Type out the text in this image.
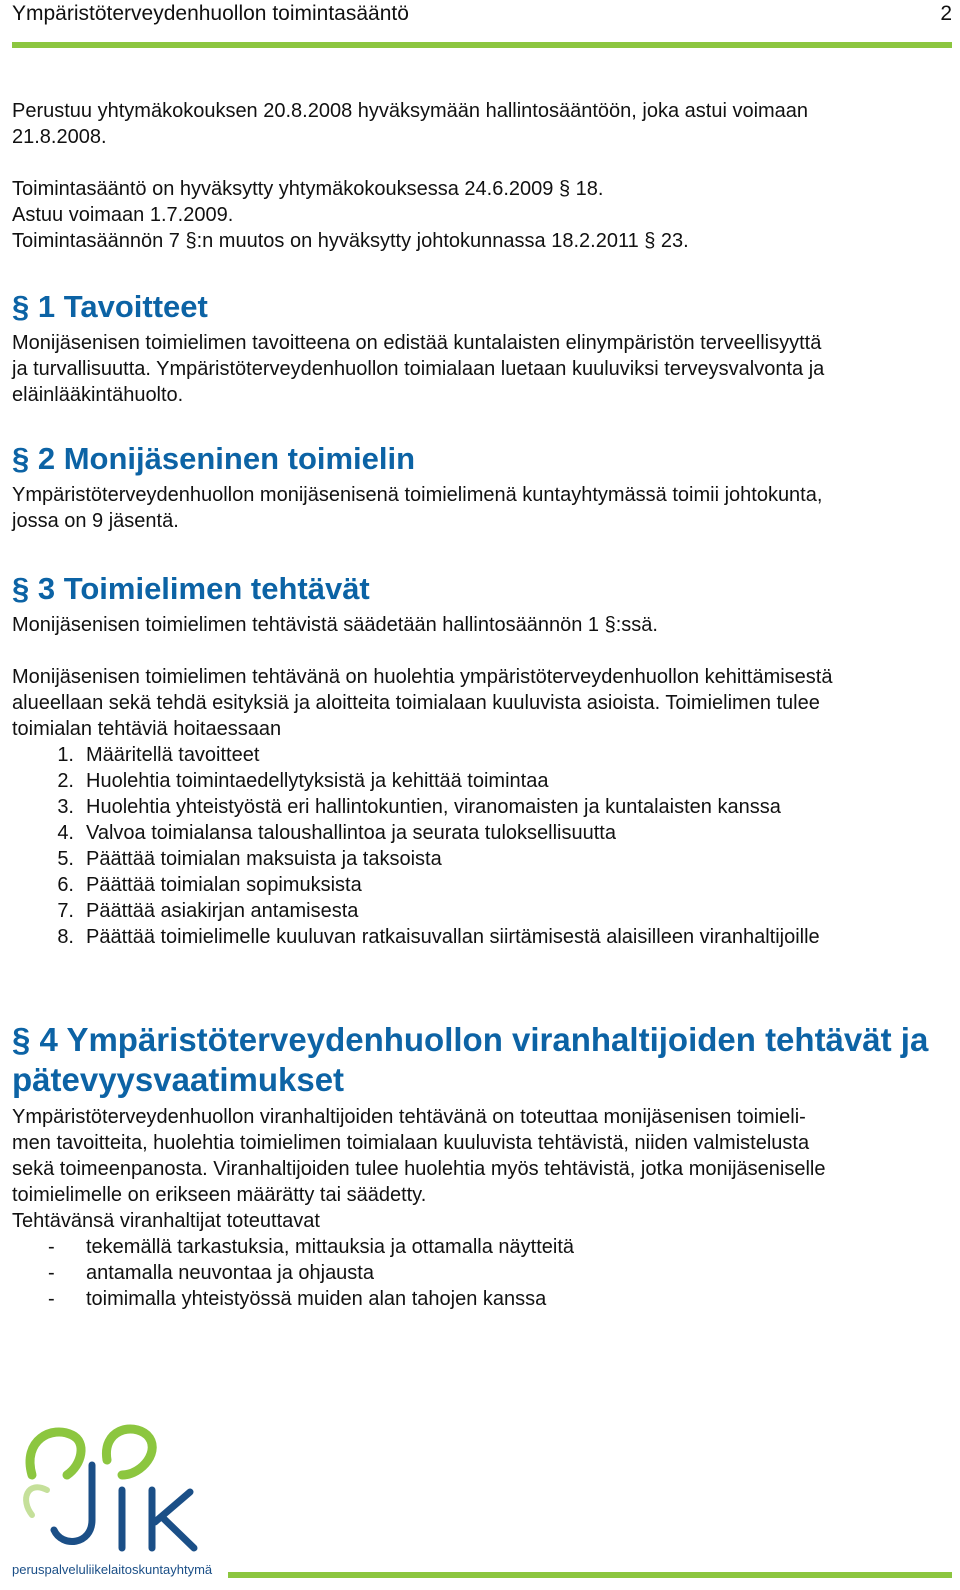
Ympäristöterveydenhuollon toimintasääntö	2
Perustuu yhtymäkokouksen 20.8.2008 hyväksymään hallintosääntöön, joka astui voimaan
21.8.2008.
Toimintasääntö on hyväksytty yhtymäkokouksessa 24.6.2009 § 18.
Astuu voimaan 1.7.2009.
Toimintasäännön 7 §:n muutos on hyväksytty johtokunnassa 18.2.2011 § 23.
§ 1 Tavoitteet
Monijäsenisen toimielimen tavoitteena on edistää kuntalaisten elinympäristön terveellisyyttä
ja turvallisuutta. Ympäristöterveydenhuollon toimialaan luetaan kuuluviksi terveysvalvonta ja
eläinlääkintähuolto.
§ 2 Monijäseninen toimielin
Ympäristöterveydenhuollon monijäsenisenä toimielimenä kuntayhtymässä toimii johtokunta,
jossa on 9 jäsentä.
§ 3 Toimielimen tehtävät
Monijäsenisen toimielimen tehtävistä säädetään hallintosäännön 1 §:ssä.
Monijäsenisen toimielimen tehtävänä on huolehtia ympäristöterveydenhuollon kehittämisestä
alueellaan sekä tehdä esityksiä ja aloitteita toimialaan kuuluvista asioista. Toimielimen tulee
toimialan tehtäviä hoitaessaan
1. Määritellä tavoitteet
2. Huolehtia toimintaedellytyksistä ja kehittää toimintaa
3. Huolehtia yhteistyöstä eri hallintokuntien, viranomaisten ja kuntalaisten kanssa
4. Valvoa toimialansa taloushallintoa ja seurata tuloksellisuutta
5. Päättää toimialan maksuista ja taksoista
6. Päättää toimialan sopimuksista
7. Päättää asiakirjan antamisesta
8. Päättää toimielimelle kuuluvan ratkaisuvallan siirtämisestä alaisilleen viranhaltijoille
§ 4 Ympäristöterveydenhuollon viranhaltijoiden tehtävät ja
pätevyysvaatimukset
Ympäristöterveydenhuollon viranhaltijoiden tehtävänä on toteuttaa monijäsenisen toimieli-
men tavoitteita, huolehtia toimielimen toimialaan kuuluvista tehtävistä, niiden valmistelusta
sekä toimeenpanosta. Viranhaltijoiden tulee huolehtia myös tehtävistä, jotka monijäseniselle
toimielimelle on erikseen määrätty tai säädetty.
Tehtävänsä viranhaltijat toteuttavat
-	tekemällä tarkastuksia, mittauksia ja ottamalla näytteitä
-	antamalla neuvontaa ja ohjausta
-	toimimalla yhteistyössä muiden alan tahojen kanssa
peruspalveluliikelaitoskuntayhtymä
